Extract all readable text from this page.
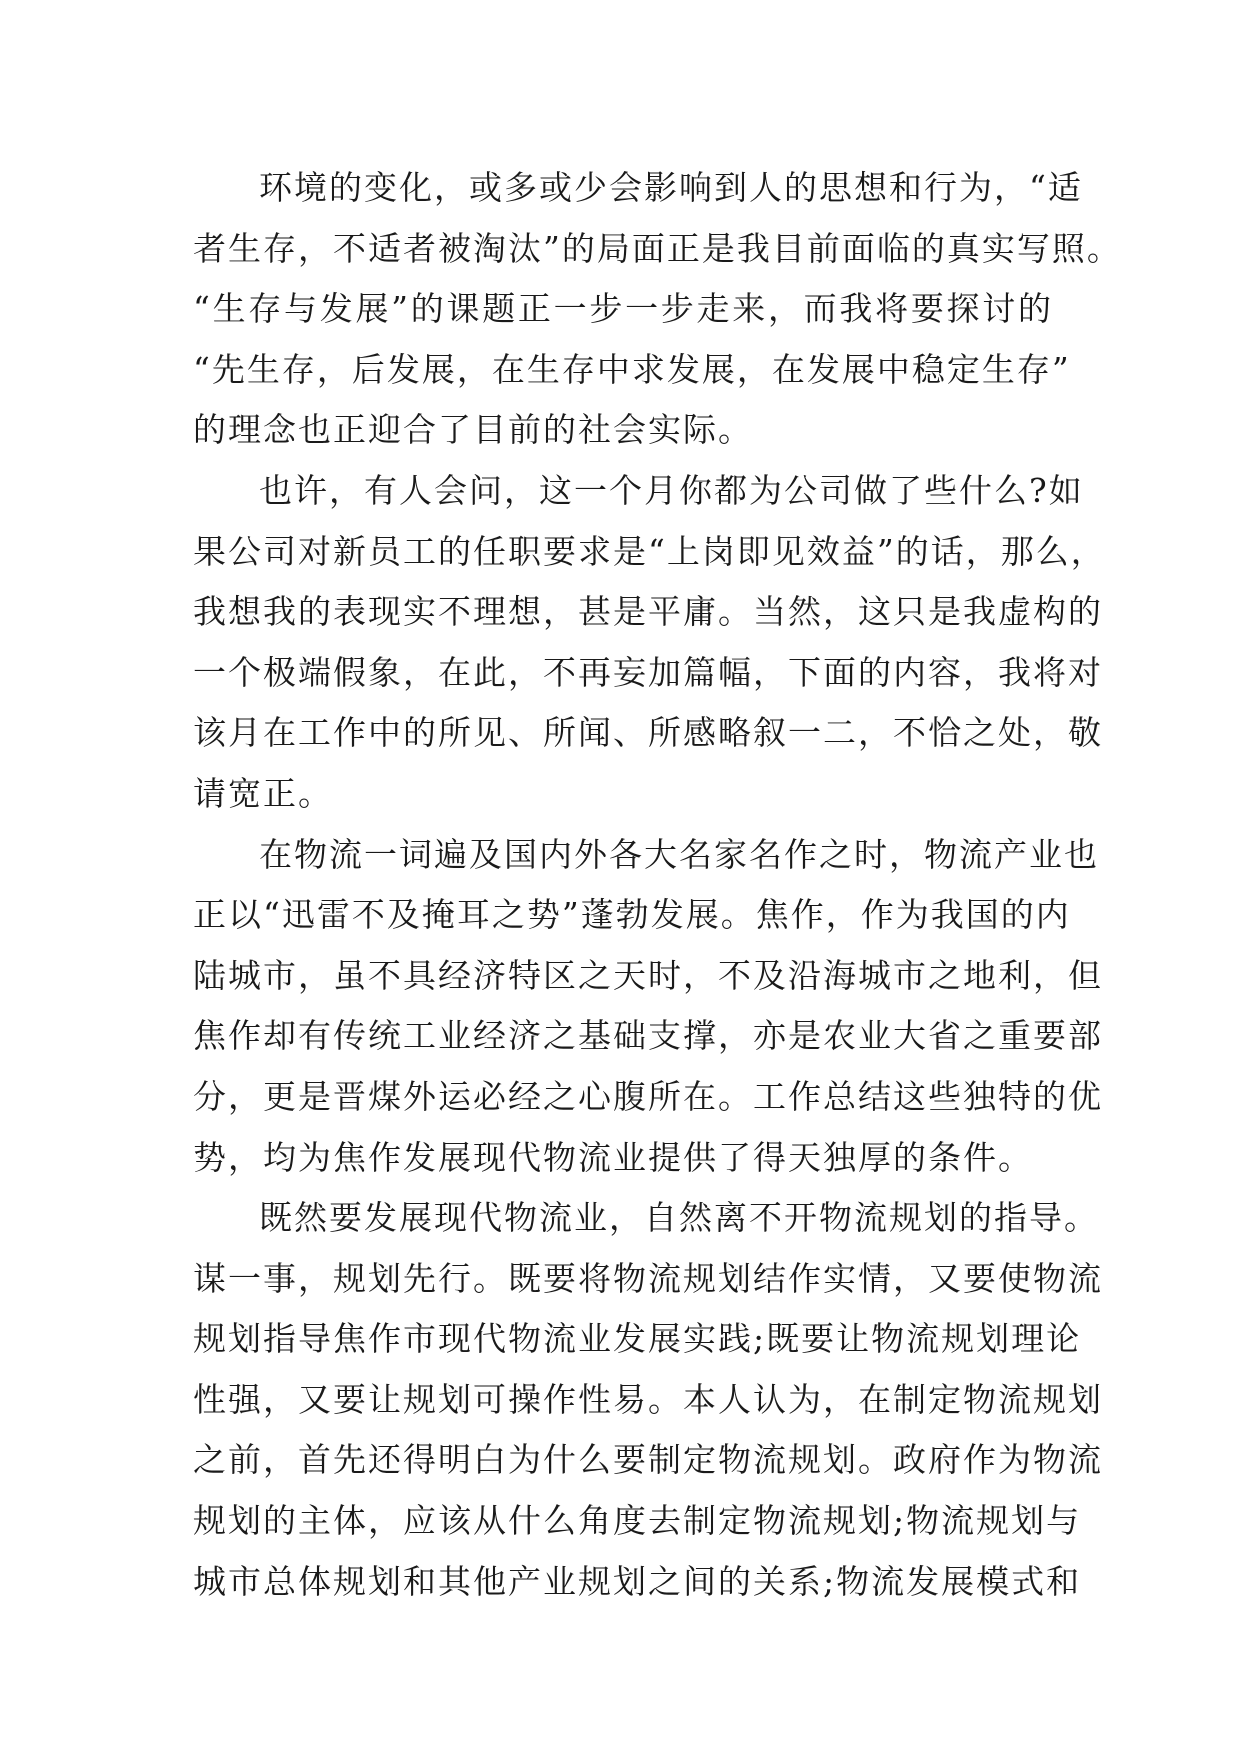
环境的变化，或多或少会影响到人的思想和行为，“适
者生存，不适者被淘汰”的局面正是我目前面临的真实写照。
“生存与发展”的课题正一步一步走来，而我将要探讨的
“先生存，后发展，在生存中求发展，在发展中稳定生存”
的理念也正迎合了目前的社会实际。
也许，有人会问，这一个月你都为公司做了些什么?如
果公司对新员工的任职要求是“上岗即见效益”的话，那么，
我想我的表现实不理想，甚是平庸。当然，这只是我虚构的
一个极端假象，在此，不再妄加篇幅，下面的内容，我将对
该月在工作中的所见、所闻、所感略叙一二，不恰之处，敬
请宽正。
在物流一词遍及国内外各大名家名作之时，物流产业也
正以“迅雷不及掩耳之势”蓬勃发展。焦作，作为我国的内
陆城市，虽不具经济特区之天时，不及沿海城市之地利，但
焦作却有传统工业经济之基础支撑，亦是农业大省之重要部
分，更是晋煤外运必经之心腹所在。工作总结这些独特的优
势，均为焦作发展现代物流业提供了得天独厚的条件。
既然要发展现代物流业，自然离不开物流规划的指导。
谋一事，规划先行。既要将物流规划结作实情，又要使物流
规划指导焦作市现代物流业发展实践;既要让物流规划理论
性强，又要让规划可操作性易。本人认为，在制定物流规划
之前，首先还得明白为什么要制定物流规划。政府作为物流
规划的主体，应该从什么角度去制定物流规划;物流规划与
城市总体规划和其他产业规划之间的关系;物流发展模式和
